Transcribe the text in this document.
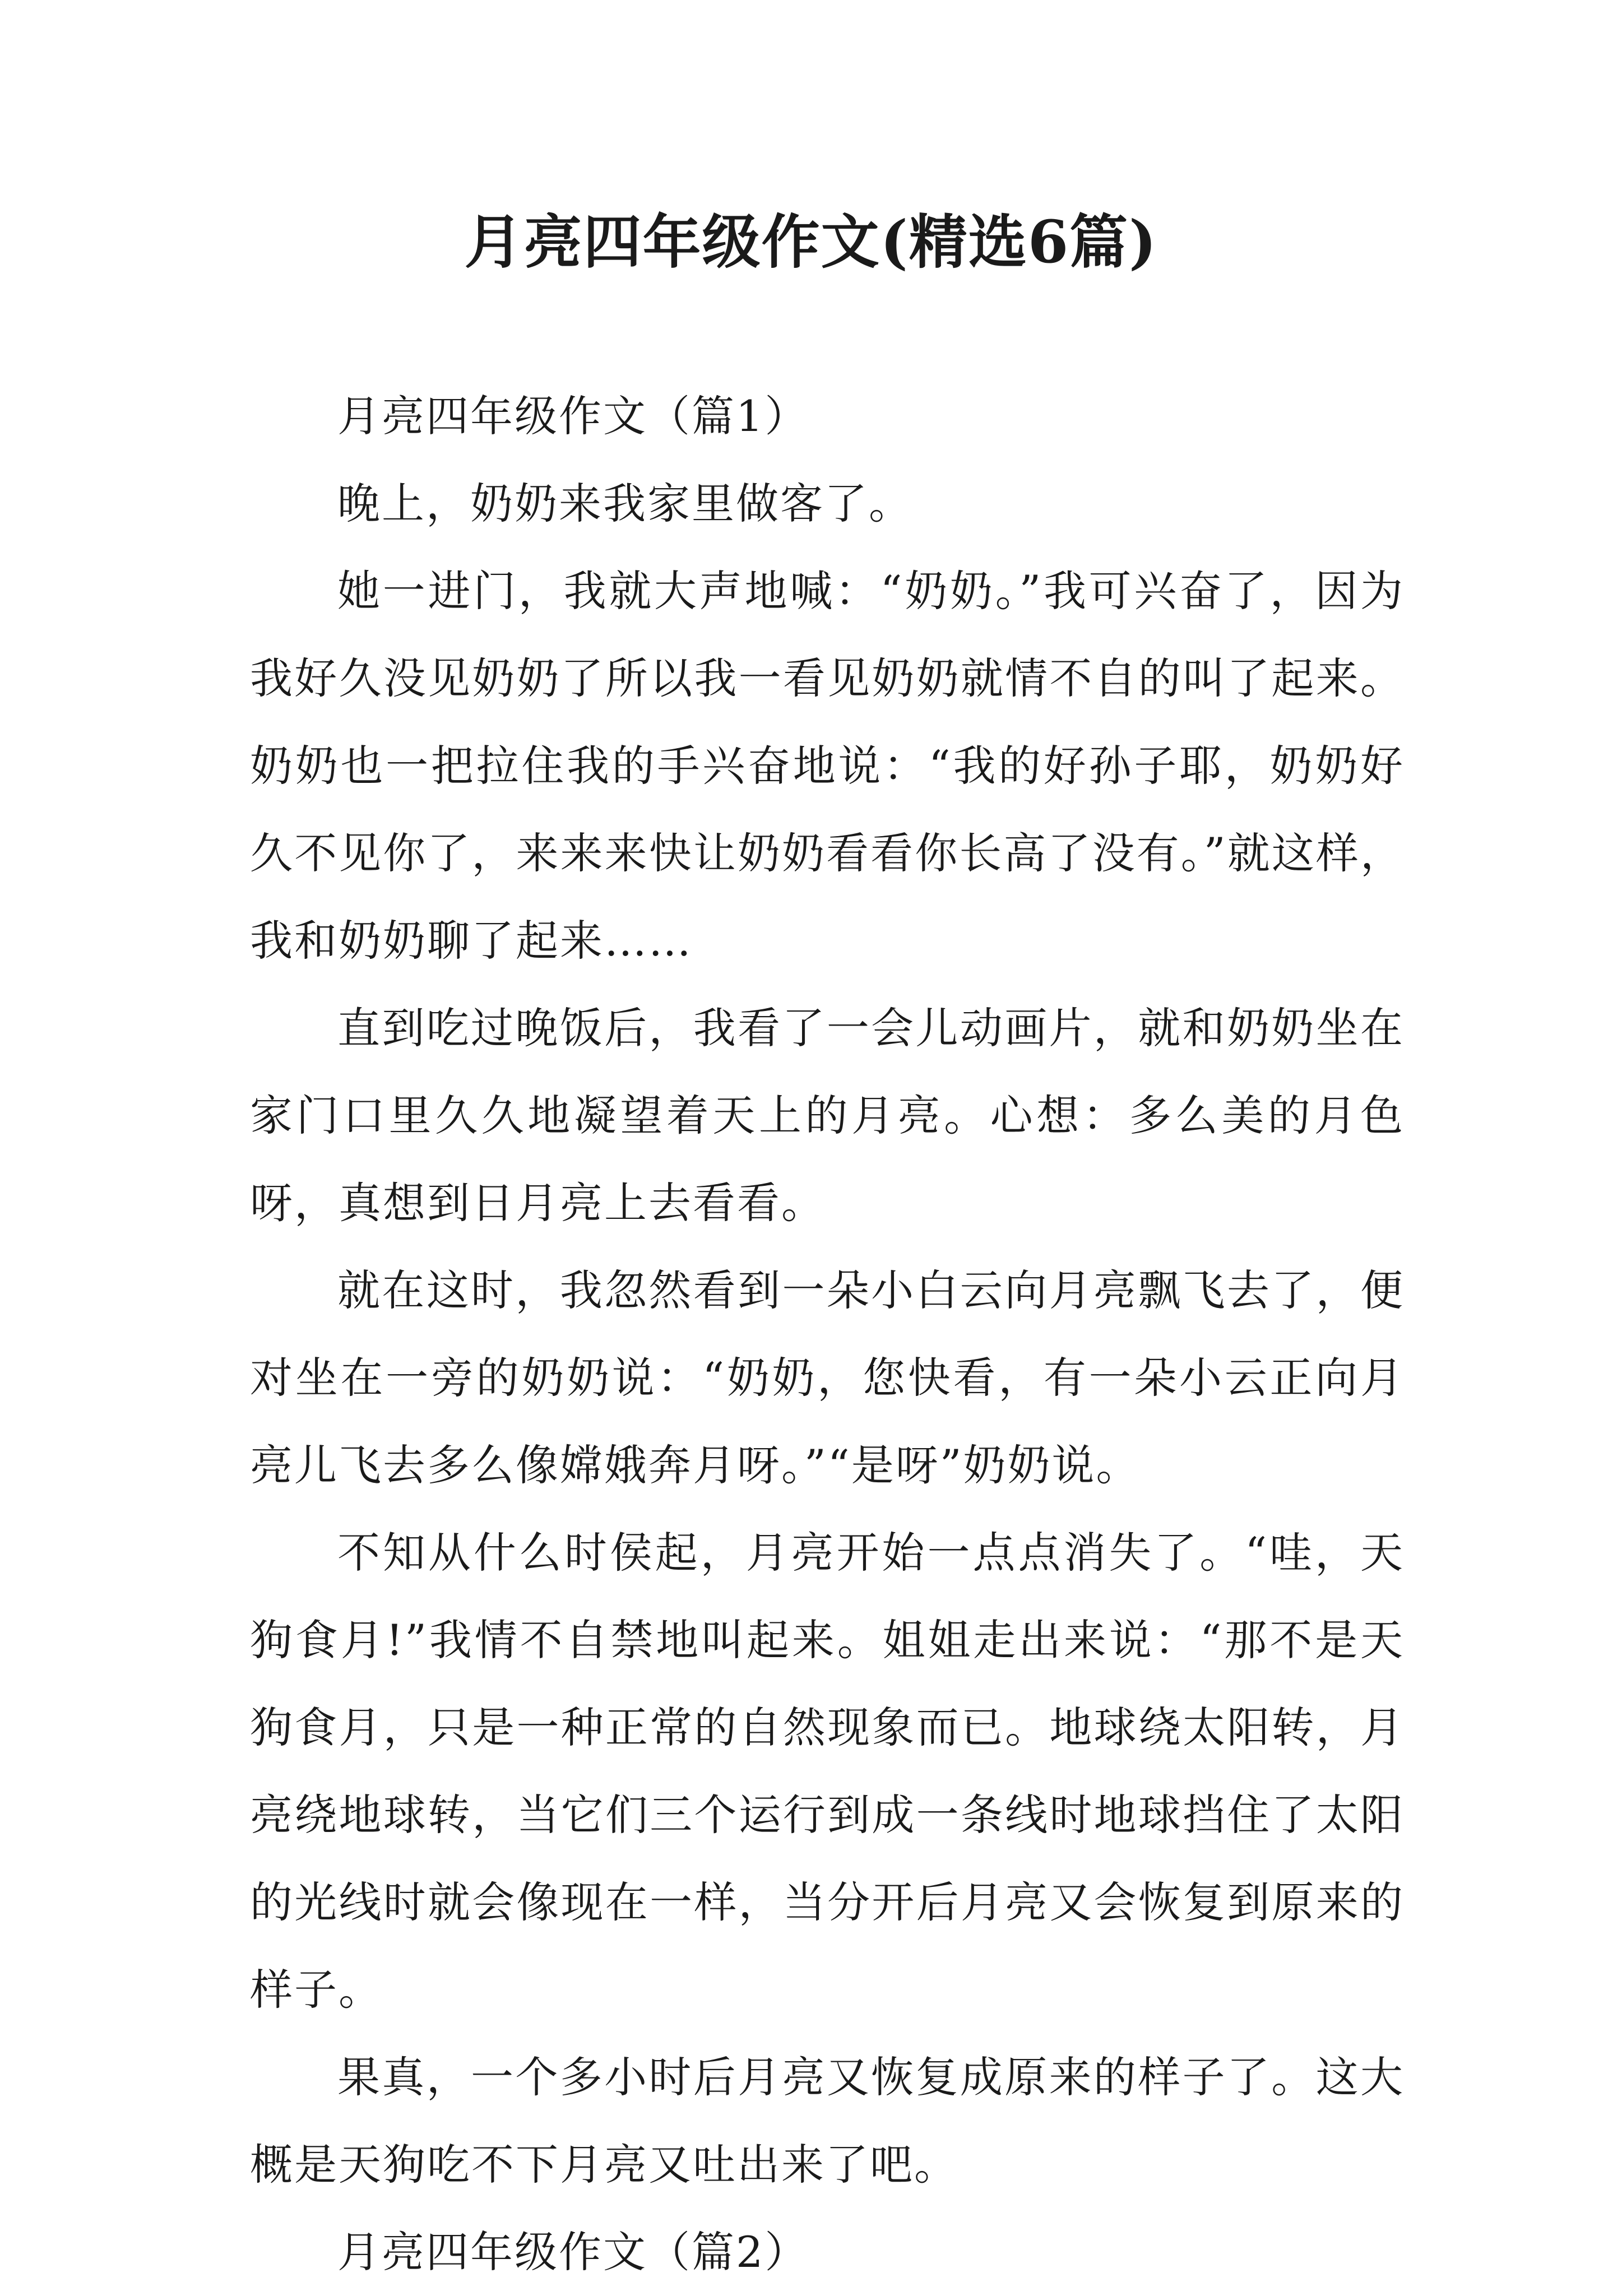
月亮四年级作文(精选6篇)

月亮四年级作文（篇1）

晚上，奶奶来我家里做客了。

她一进门，我就大声地喊：“奶奶。”我可兴奋了，因为我好久没见奶奶了所以我一看见奶奶就情不自的叫了起来。奶奶也一把拉住我的手兴奋地说：“我的好孙子耶，奶奶好久不见你了，来来来快让奶奶看看你长高了没有。”就这样，我和奶奶聊了起来……

直到吃过晚饭后，我看了一会儿动画片，就和奶奶坐在家门口里久久地凝望着天上的月亮。心想：多么美的月色呀，真想到日月亮上去看看。

就在这时，我忽然看到一朵小白云向月亮飘飞去了，便对坐在一旁的奶奶说：“奶奶，您快看，有一朵小云正向月亮儿飞去多么像嫦娥奔月呀。”“是呀”奶奶说。

不知从什么时侯起，月亮开始一点点消失了。“哇，天狗食月!”我情不自禁地叫起来。姐姐走出来说：“那不是天狗食月，只是一种正常的自然现象而已。地球绕太阳转，月亮绕地球转，当它们三个运行到成一条线时地球挡住了太阳的光线时就会像现在一样，当分开后月亮又会恢复到原来的样子。

果真，一个多小时后月亮又恢复成原来的样子了。这大概是天狗吃不下月亮又吐出来了吧。

月亮四年级作文（篇2）
